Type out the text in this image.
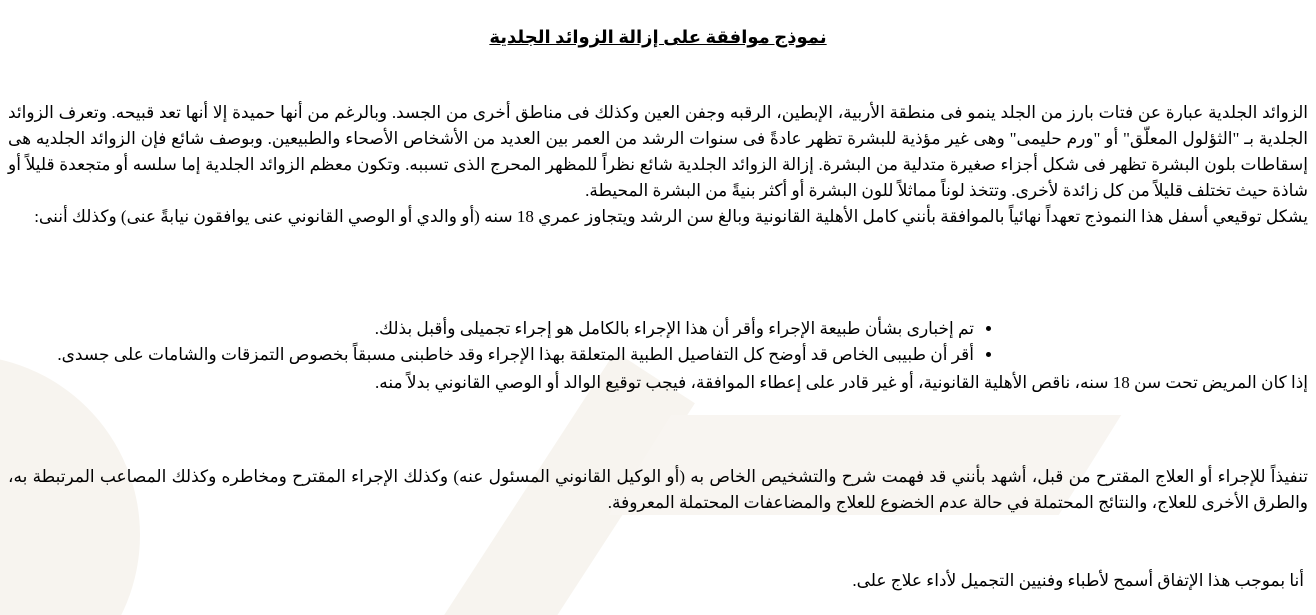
نموذج موافقة على إزالة الزوائد الجلدية

الزوائد الجلدية عبارة عن فتات بارز من الجلد ينمو فى منطقة الأربية، الإبطين، الرقبه وجفن العين وكذلك فى مناطق أخرى من الجسد. وبالرغم من أنها حميدة إلا أنها تعد قبيحه. وتعرف الزوائد الجلدية بـ "الثؤلول المعلّق" أو "ورم حليمى" وهى غير مؤذية للبشرة تظهر عادةً فى سنوات الرشد من العمر بين العديد من الأشخاص الأصحاء والطبيعين. وبوصف شائع فإن الزوائد الجلديه هى إسقاطات بلون البشرة تظهر فى شكل أجزاء صغيرة متدلية من البشرة. إزالة الزوائد الجلدية شائع نظراً للمظهر المحرج الذى تسببه. وتكون معظم الزوائد الجلدية إما سلسه أو متجعدة قليلاً أو شاذة حيث تختلف قليلاً من كل زائدة لأخرى. وتتخذ لوناً مماثلاً للون البشرة أو أكثر بنيةً من البشرة المحيطة.

يشكل توقيعي أسفل هذا النموذج تعهداً نهائياً بالموافقة بأنني كامل الأهلية القانونية وبالغ سن الرشد ويتجاوز عمري 18 سنه (أو والدي أو الوصي القانوني عنى يوافقون نيابةً عنى) وكذلك أننى:

• تم إخبارى بشأن طبيعة الإجراء وأقر أن هذا الإجراء بالكامل هو إجراء تجميلى وأقبل بذلك.
• أقر أن طبيبى الخاص قد أوضح كل التفاصيل الطبية المتعلقة بهذا الإجراء وقد خاطبنى مسبقاً بخصوص التمزقات والشامات على جسدى.

إذا كان المريض تحت سن 18 سنه، ناقص الأهلية القانونية، أو غير قادر على إعطاء الموافقة، فيجب توقيع الوالد أو الوصي القانوني بدلاً منه.

تنفيذاً للإجراء أو العلاج المقترح من قبل، أشهد بأنني قد فهمت شرح والتشخيص الخاص به (أو الوكيل القانوني المسئول عنه) وكذلك الإجراء المقترح ومخاطره وكذلك المصاعب المرتبطة به، والطرق الأخرى للعلاج، والنتائج المحتملة في حالة عدم الخضوع للعلاج والمضاعفات المحتملة المعروفة.

أنا بموجب هذا الإتفاق أسمح لأطباء وفنيين التجميل لأداء علاج على.
